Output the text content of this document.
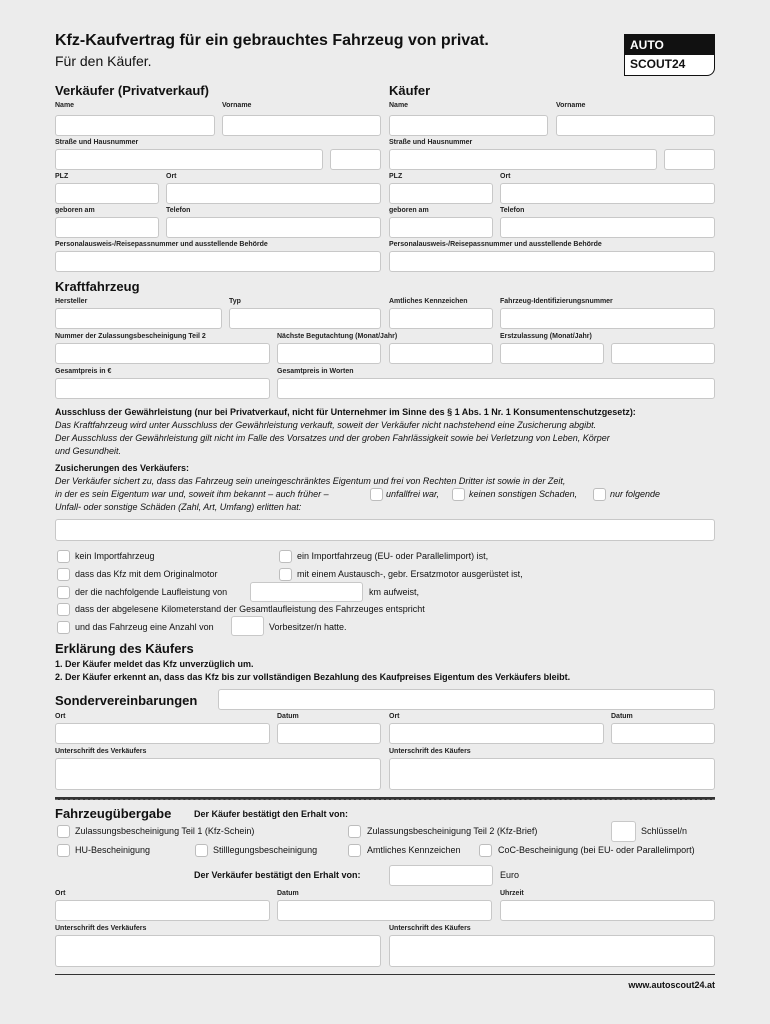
Kfz-Kaufvertrag für ein gebrauchtes Fahrzeug von privat.
Für den Käufer.
AUTO
SCOUT24
Verkäufer (Privatverkauf)	Käufer
Name	Vorname	Name	Vorname
Straße und Hausnummer	Straße und Hausnummer
PLZ	Ort	PLZ	Ort
geboren am	Telefon	geboren am	Telefon
Personalausweis-/Reisepassnummer und ausstellende Behörde	Personalausweis-/Reisepassnummer und ausstellende Behörde
Kraftfahrzeug
Hersteller	Typ	Amtliches Kennzeichen	Fahrzeug-Identifizierungsnummer
Nummer der Zulassungsbescheinigung Teil 2	Nächste Begutachtung (Monat/Jahr)	Erstzulassung (Monat/Jahr)
Gesamtpreis in €	Gesamtpreis in Worten
Ausschluss der Gewährleistung (nur bei Privatverkauf, nicht für Unternehmer im Sinne des § 1 Abs. 1 Nr. 1 Konsumentenschutzgesetz):
Das Kraftfahrzeug wird unter Ausschluss der Gewährleistung verkauft, soweit der Verkäufer nicht nachstehend eine Zusicherung abgibt.
Der Ausschluss der Gewährleistung gilt nicht im Falle des Vorsatzes und der groben Fahrlässigkeit sowie bei Verletzung von Leben, Körper
und Gesundheit.
Zusicherungen des Verkäufers:
Der Verkäufer sichert zu, dass das Fahrzeug sein uneingeschränktes Eigentum und frei von Rechten Dritter ist sowie in der Zeit,
in der es sein Eigentum war und, soweit ihm bekannt – auch früher –	unfallfrei war,	keinen sonstigen Schaden,	nur folgende
Unfall- oder sonstige Schäden (Zahl, Art, Umfang) erlitten hat:
kein Importfahrzeug	ein Importfahrzeug (EU- oder Parallelimport) ist,
dass das Kfz mit dem Originalmotor	mit einem Austausch-, gebr. Ersatzmotor ausgerüstet ist,
der die nachfolgende Laufleistung von	km aufweist,
dass der abgelesene Kilometerstand der Gesamtlaufleistung des Fahrzeuges entspricht
und das Fahrzeug eine Anzahl von	Vorbesitzer/n hatte.
Erklärung des Käufers
1. Der Käufer meldet das Kfz unverzüglich um.
2. Der Käufer erkennt an, dass das Kfz bis zur vollständigen Bezahlung des Kaufpreises Eigentum des Verkäufers bleibt.
Sondervereinbarungen
Ort	Datum	Ort	Datum
Unterschrift des Verkäufers	Unterschrift des Käufers
Fahrzeugübergabe	Der Käufer bestätigt den Erhalt von:
Zulassungsbescheinigung Teil 1 (Kfz-Schein)	Zulassungsbescheinigung Teil 2 (Kfz-Brief)	Schlüssel/n
HU-Bescheinigung	Stilllegungsbescheinigung	Amtliches Kennzeichen	CoC-Bescheinigung (bei EU- oder Parallelimport)
Der Verkäufer bestätigt den Erhalt von:	Euro
Ort	Datum	Uhrzeit
Unterschrift des Verkäufers	Unterschrift des Käufers
www.autoscout24.at
